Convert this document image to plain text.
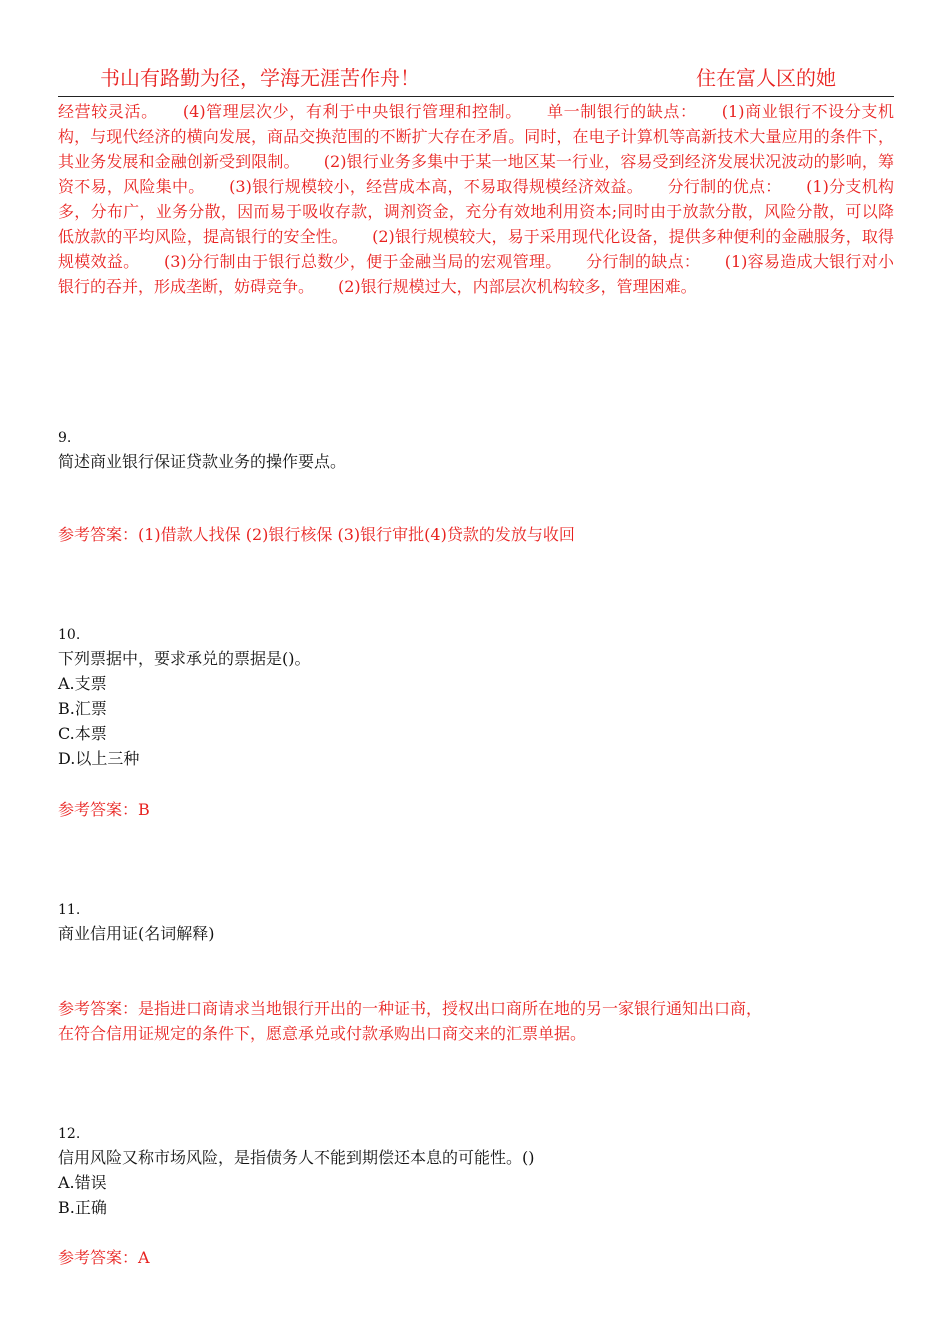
书山有路勤为径，学海无涯苦作舟！	住在富人区的她
经营较灵活。　　(4)管理层次少，有利于中央银行管理和控制。　　单一制银行的缺点：　　(1)商业银行不设分支机构，与现代经济的横向发展，商品交换范围的不断扩大存在矛盾。同时，在电子计算机等高新技术大量应用的条件下，其业务发展和金融创新受到限制。　　(2)银行业务多集中于某一地区某一行业，容易受到经济发展状况波动的影响，筹资不易，风险集中。　　(3)银行规模较小，经营成本高，不易取得规模经济效益。　　分行制的优点：　　(1)分支机构多，分布广，业务分散，因而易于吸收存款，调剂资金，充分有效地利用资本;同时由于放款分散，风险分散，可以降低放款的平均风险，提高银行的安全性。　　(2)银行规模较大，易于采用现代化设备，提供多种便利的金融服务，取得规模效益。　　(3)分行制由于银行总数少，便于金融当局的宏观管理。　　分行制的缺点：　　(1)容易造成大银行对小银行的吞并，形成垄断，妨碍竞争。　　(2)银行规模过大，内部层次机构较多，管理困难。
9.
简述商业银行保证贷款业务的操作要点。
参考答案：(1)借款人找保 (2)银行核保 (3)银行审批(4)贷款的发放与收回
10.
下列票据中，要求承兑的票据是()。
A.支票
B.汇票
C.本票
D.以上三种
参考答案：B
11.
商业信用证(名词解释)
参考答案：是指进口商请求当地银行开出的一种证书，授权出口商所在地的另一家银行通知出口商，
在符合信用证规定的条件下，愿意承兑或付款承购出口商交来的汇票单据。
12.
信用风险又称市场风险，是指债务人不能到期偿还本息的可能性。()
A.错误
B.正确
参考答案：A
